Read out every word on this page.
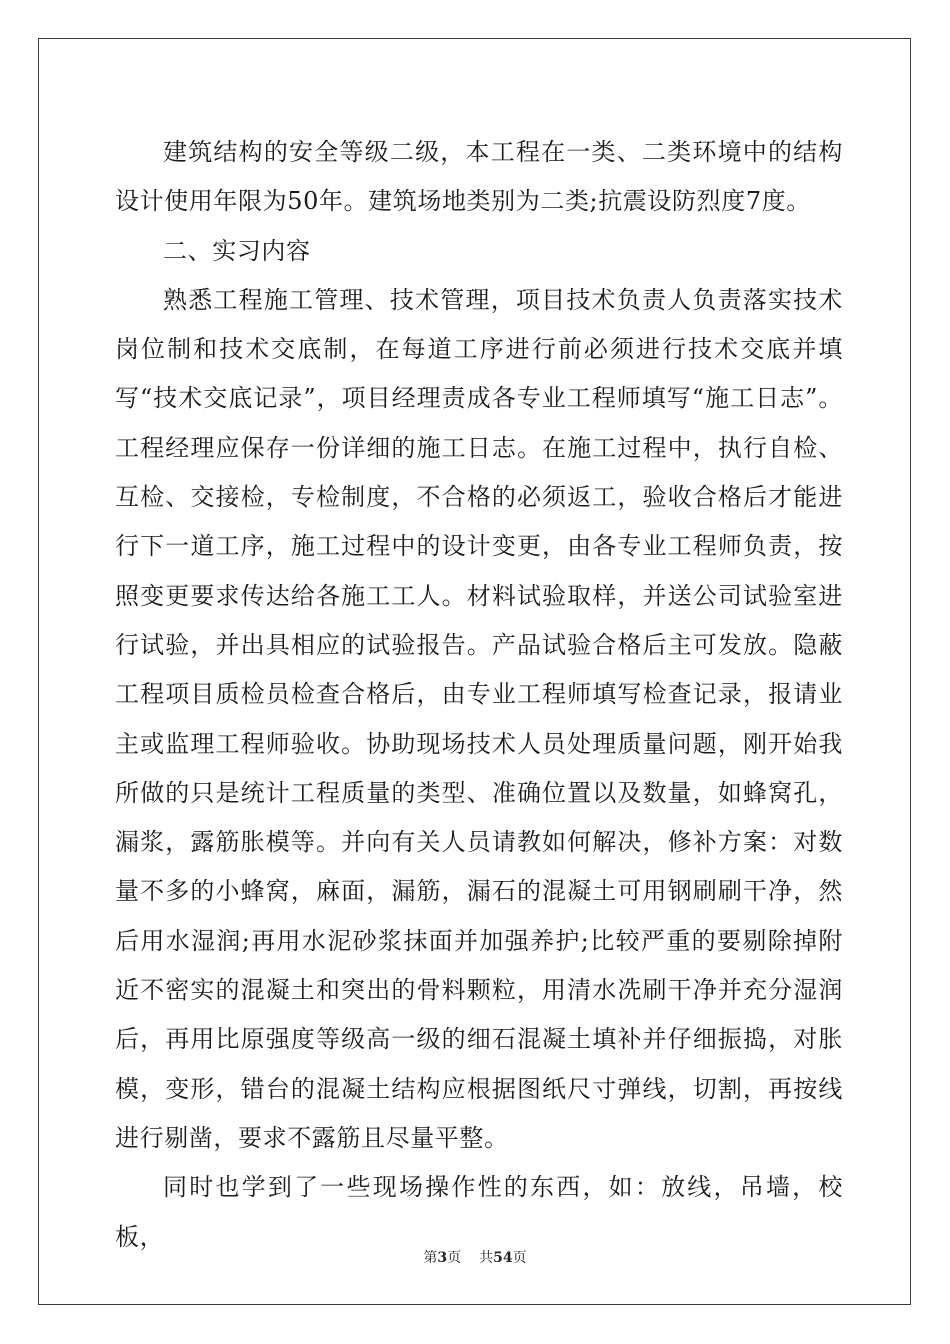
建筑结构的安全等级二级，本工程在一类、二类环境中的结构设计使用年限为50年。建筑场地类别为二类;抗震设防烈度7度。

二、实习内容

熟悉工程施工管理、技术管理，项目技术负责人负责落实技术岗位制和技术交底制，在每道工序进行前必须进行技术交底并填写“技术交底记录”，项目经理责成各专业工程师填写“施工日志”。工程经理应保存一份详细的施工日志。在施工过程中，执行自检、互检、交接检，专检制度，不合格的必须返工，验收合格后才能进行下一道工序，施工过程中的设计变更，由各专业工程师负责，按照变更要求传达给各施工工人。材料试验取样，并送公司试验室进行试验，并出具相应的试验报告。产品试验合格后主可发放。隐蔽工程项目质检员检查合格后，由专业工程师填写检查记录，报请业主或监理工程师验收。协助现场技术人员处理质量问题，刚开始我所做的只是统计工程质量的类型、准确位置以及数量，如蜂窝孔，漏浆，露筋胀模等。并向有关人员请教如何解决，修补方案：对数量不多的小蜂窝，麻面，漏筋，漏石的混凝土可用钢刷刷干净，然后用水湿润;再用水泥砂浆抹面并加强养护;比较严重的要剔除掉附近不密实的混凝土和突出的骨料颗粒，用清水冼刷干净并充分湿润后，再用比原强度等级高一级的细石混凝土填补并仔细振捣，对胀模，变形，错台的混凝土结构应根据图纸尺寸弹线，切割，再按线进行剔凿，要求不露筋且尽量平整。

同时也学到了一些现场操作性的东西，如：放线，吊墙，校板，

第3页 共54页
